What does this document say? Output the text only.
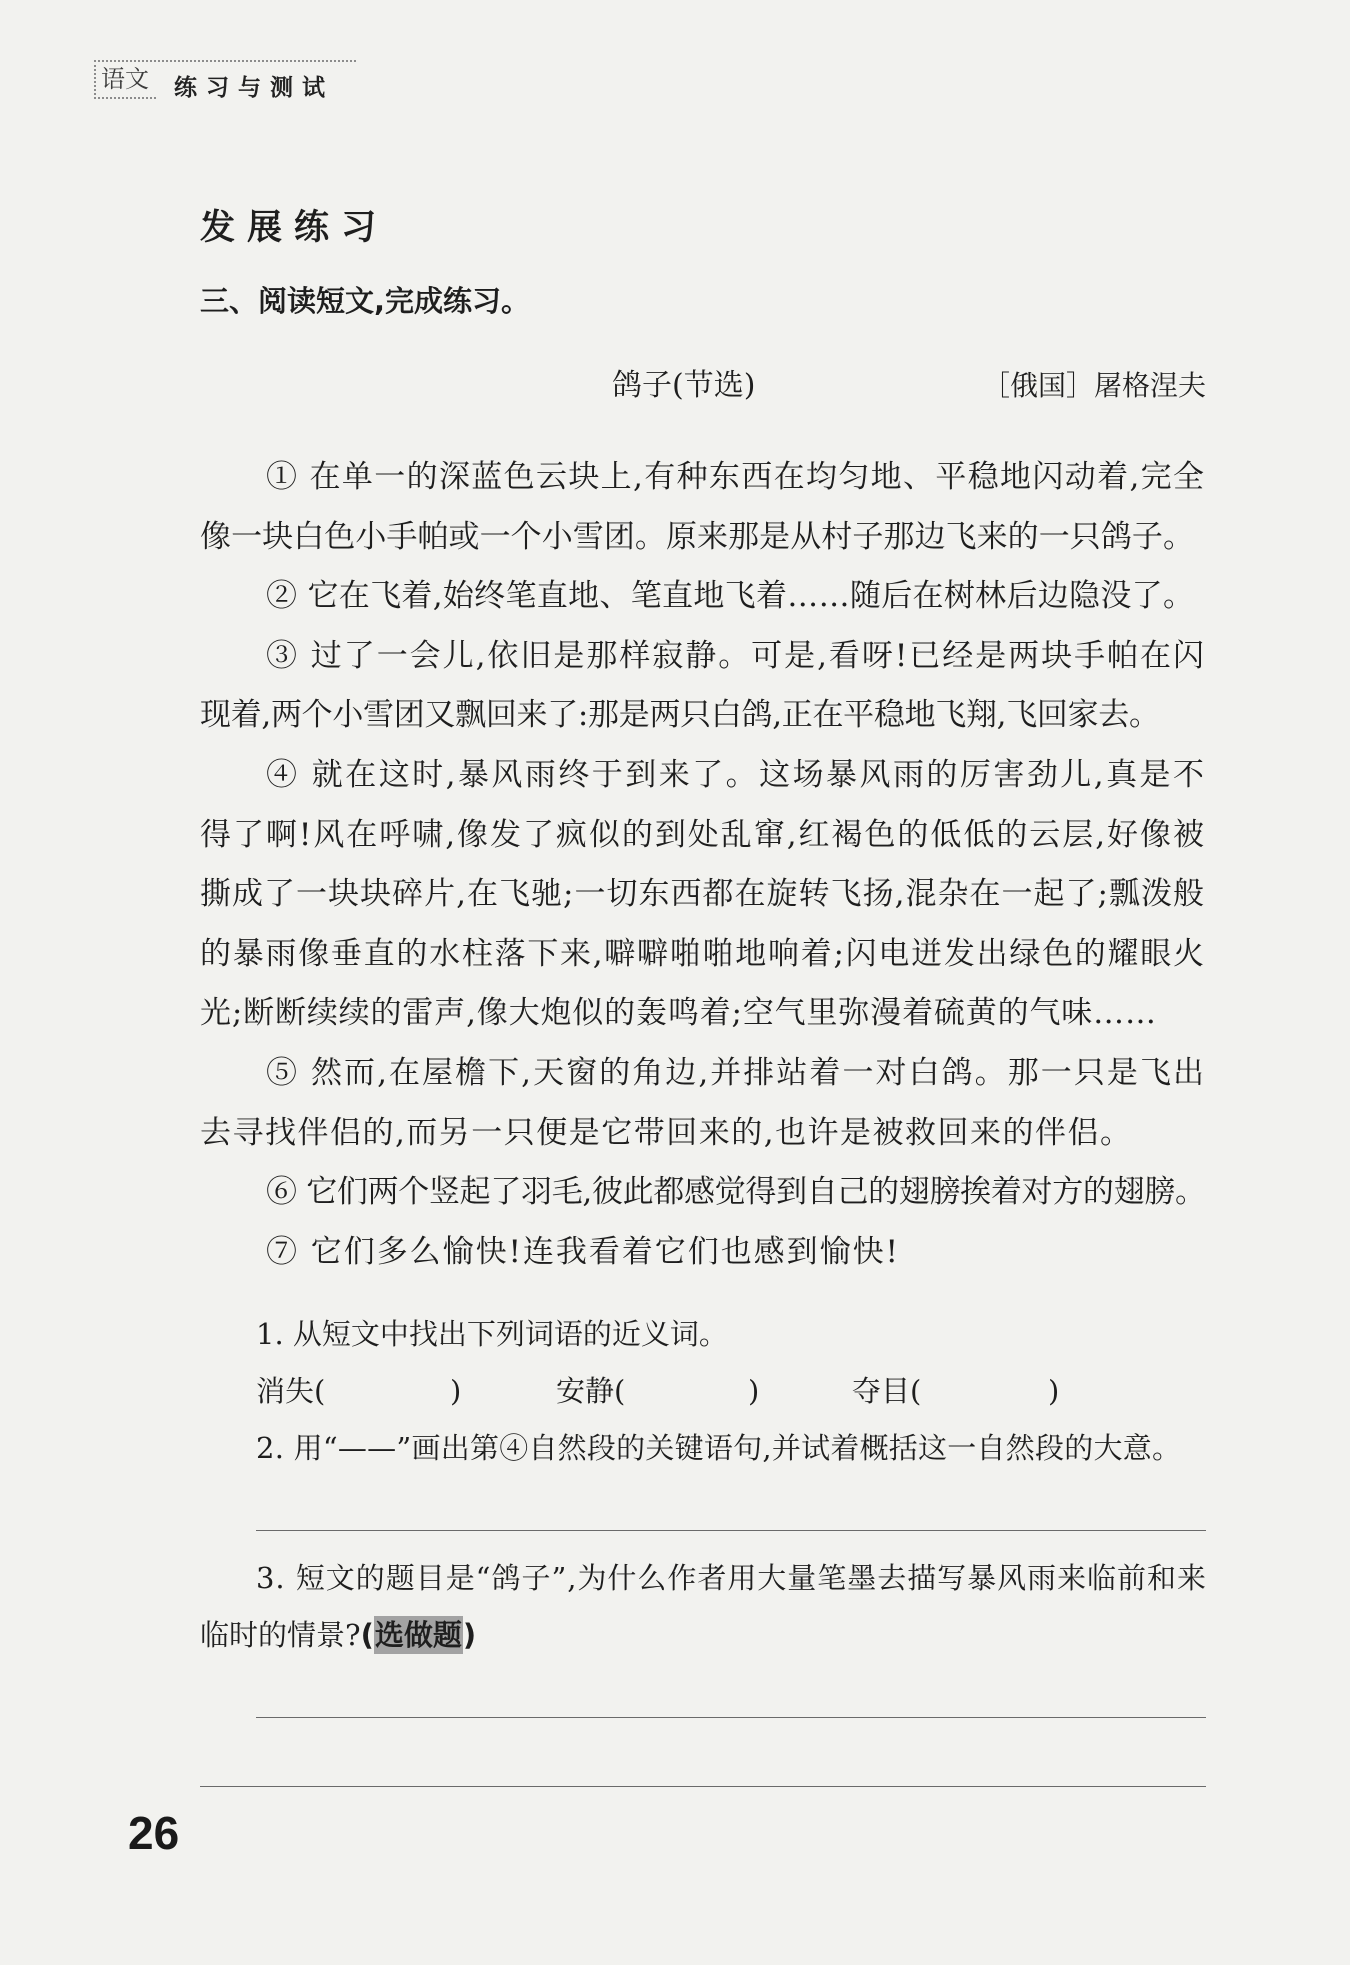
语文	练习与测试
发展练习
三、阅读短文,完成练习。
鸽子(节选)	［俄国］屠格涅夫
① 在单一的深蓝色云块上,有种东西在均匀地、平稳地闪动着,完全
像一块白色小手帕或一个小雪团。原来那是从村子那边飞来的一只鸽子。
② 它在飞着,始终笔直地、笔直地飞着……随后在树林后边隐没了。
③ 过了一会儿,依旧是那样寂静。可是,看呀!已经是两块手帕在闪
现着,两个小雪团又飘回来了:那是两只白鸽,正在平稳地飞翔,飞回家去。
④ 就在这时,暴风雨终于到来了。这场暴风雨的厉害劲儿,真是不
得了啊!风在呼啸,像发了疯似的到处乱窜,红褐色的低低的云层,好像被
撕成了一块块碎片,在飞驰;一切东西都在旋转飞扬,混杂在一起了;瓢泼般
的暴雨像垂直的水柱落下来,噼噼啪啪地响着;闪电迸发出绿色的耀眼火
光;断断续续的雷声,像大炮似的轰鸣着;空气里弥漫着硫黄的气味……
⑤ 然而,在屋檐下,天窗的角边,并排站着一对白鸽。那一只是飞出
去寻找伴侣的,而另一只便是它带回来的,也许是被救回来的伴侣。
⑥ 它们两个竖起了羽毛,彼此都感觉得到自己的翅膀挨着对方的翅膀。
⑦ 它们多么愉快!连我看着它们也感到愉快!
1. 从短文中找出下列词语的近义词。
消失(	)	安静(	)	夺目(	)
2. 用“——”画出第④自然段的关键语句,并试着概括这一自然段的大意。
3. 短文的题目是“鸽子”,为什么作者用大量笔墨去描写暴风雨来临前和来
临时的情景?(选做题)
26
